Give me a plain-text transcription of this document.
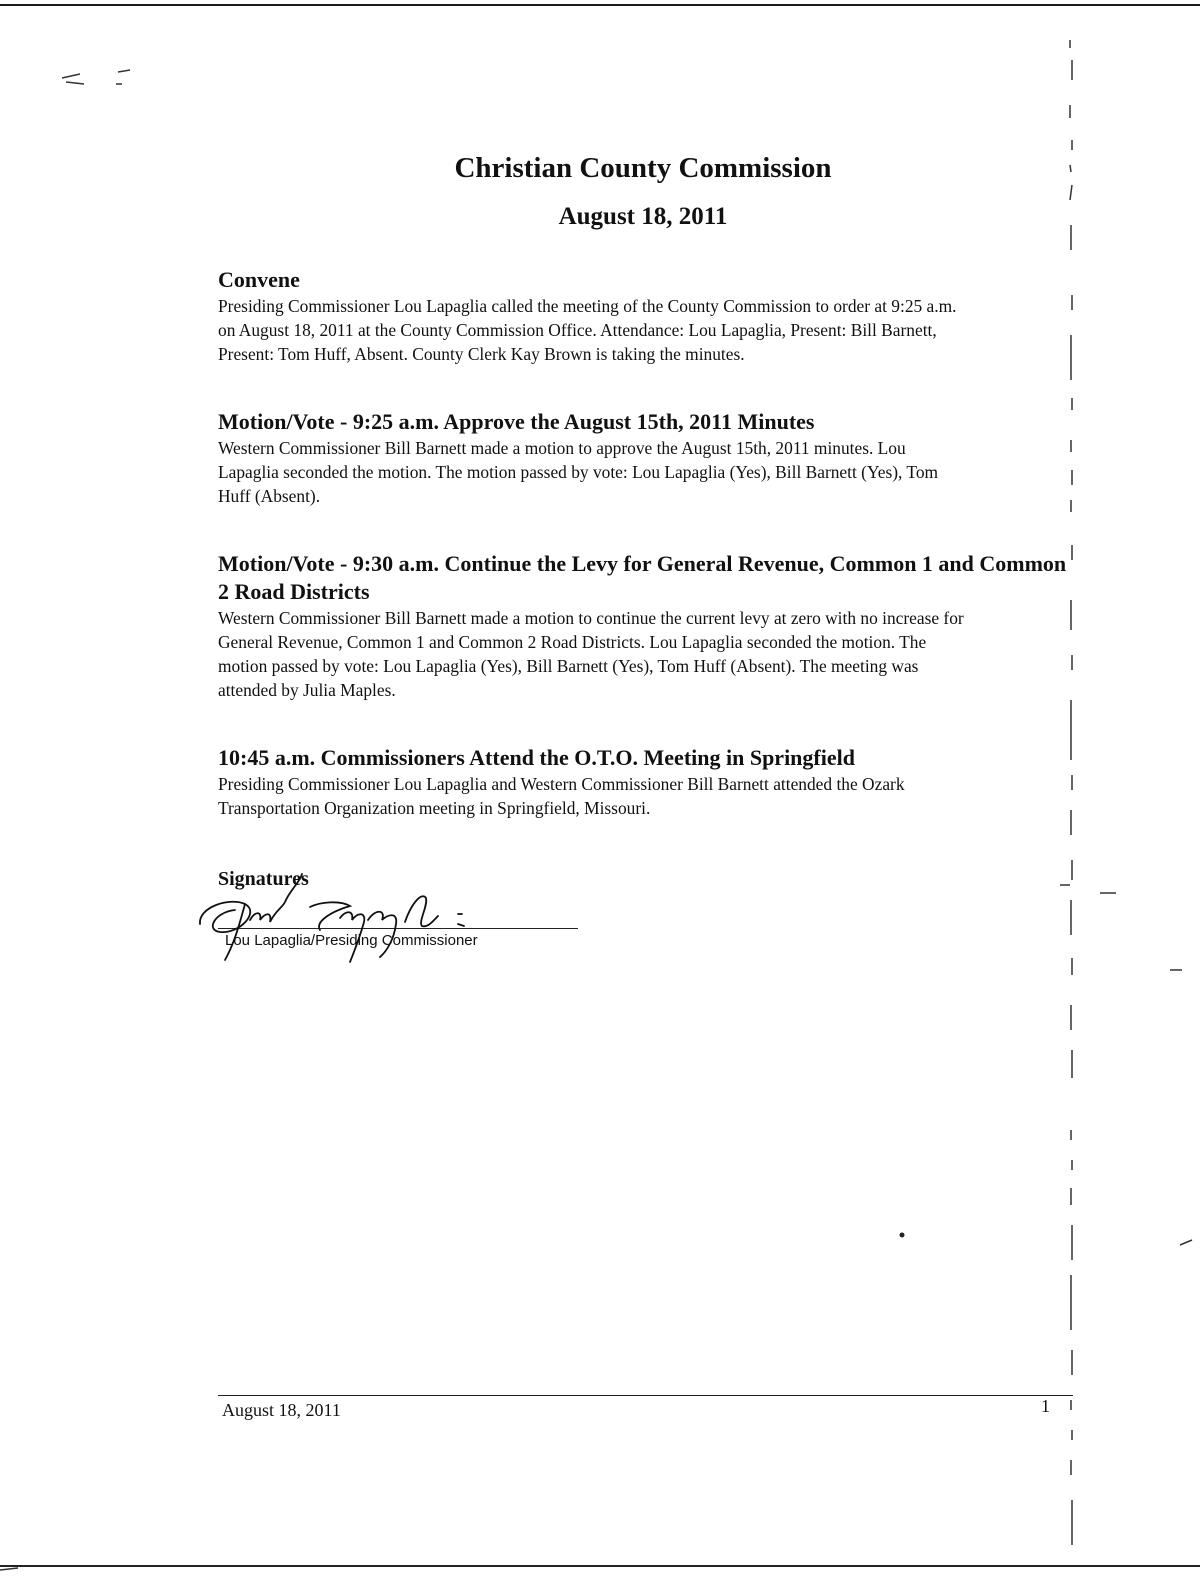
Christian County Commission
August 18, 2011
Convene

Presiding Commissioner Lou Lapaglia called the meeting of the County Commission to order at 9:25 a.m.
on August 18, 2011 at the County Commission Office. Attendance: Lou Lapaglia, Present: Bill Barnett,
Present: Tom Huff, Absent. County Clerk Kay Brown is taking the minutes.

Motion/Vote - 9:25 a.m. Approve the August 15th, 2011 Minutes

Western Commissioner Bill Barnett made a motion to approve the August 15th, 2011 minutes. Lou
Lapaglia seconded the motion. The motion passed by vote: Lou Lapaglia (Yes), Bill Barnett (Yes), Tom
Huff (Absent).

Motion/Vote - 9:30 a.m. Continue the Levy for General Revenue, Common 1 and Common 2 Road Districts

Western Commissioner Bill Barnett made a motion to continue the current levy at zero with no increase for
General Revenue, Common 1 and Common 2 Road Districts. Lou Lapaglia seconded the motion. The
motion passed by vote: Lou Lapaglia (Yes), Bill Barnett (Yes), Tom Huff (Absent). The meeting was
attended by Julia Maples.

10:45 a.m. Commissioners Attend the O.T.O. Meeting in Springfield

Presiding Commissioner Lou Lapaglia and Western Commissioner Bill Barnett attended the Ozark
Transportation Organization meeting in Springfield, Missouri.

Signatures
Lou Lapaglia/Presiding Commissioner
August 18, 2011	1
